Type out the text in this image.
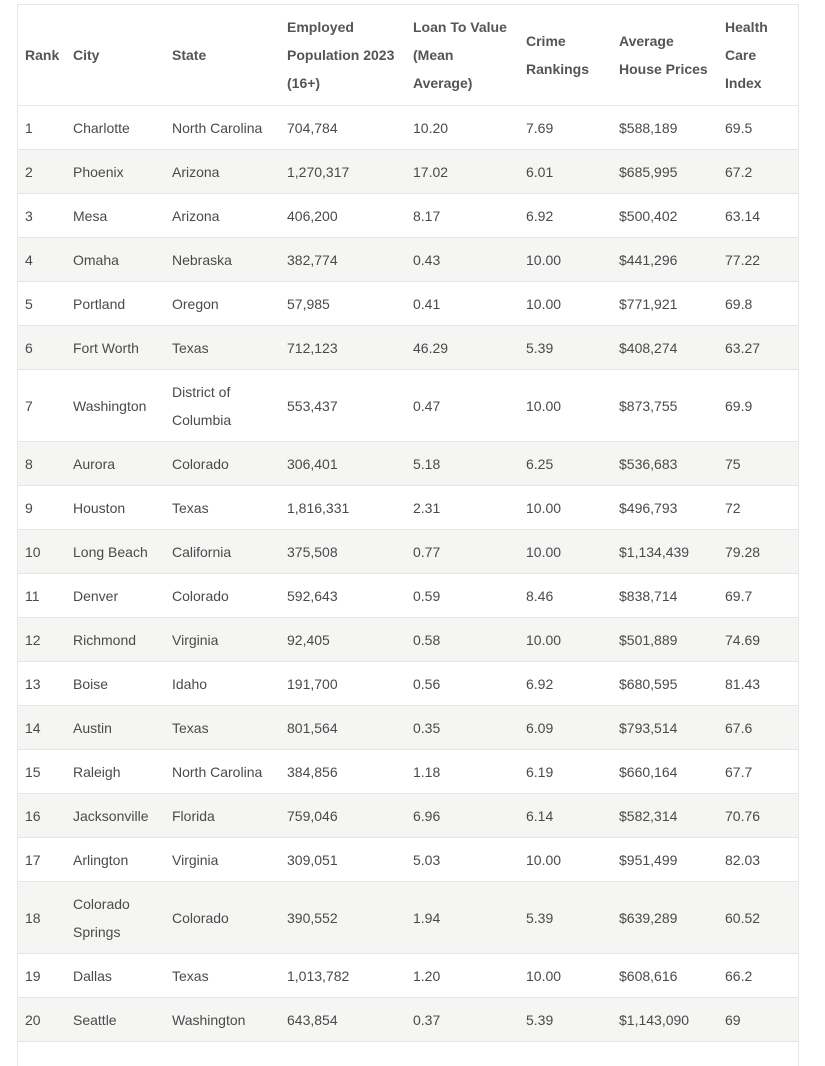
Rank	City	State	Employed Population 2023 (16+)	Loan To Value (Mean Average)	Crime Rankings	Average House Prices	Health Care Index
1	Charlotte	North Carolina	704,784	10.20	7.69	$588,189	69.5
2	Phoenix	Arizona	1,270,317	17.02	6.01	$685,995	67.2
3	Mesa	Arizona	406,200	8.17	6.92	$500,402	63.14
4	Omaha	Nebraska	382,774	0.43	10.00	$441,296	77.22
5	Portland	Oregon	57,985	0.41	10.00	$771,921	69.8
6	Fort Worth	Texas	712,123	46.29	5.39	$408,274	63.27
7	Washington	District of Columbia	553,437	0.47	10.00	$873,755	69.9
8	Aurora	Colorado	306,401	5.18	6.25	$536,683	75
9	Houston	Texas	1,816,331	2.31	10.00	$496,793	72
10	Long Beach	California	375,508	0.77	10.00	$1,134,439	79.28
11	Denver	Colorado	592,643	0.59	8.46	$838,714	69.7
12	Richmond	Virginia	92,405	0.58	10.00	$501,889	74.69
13	Boise	Idaho	191,700	0.56	6.92	$680,595	81.43
14	Austin	Texas	801,564	0.35	6.09	$793,514	67.6
15	Raleigh	North Carolina	384,856	1.18	6.19	$660,164	67.7
16	Jacksonville	Florida	759,046	6.96	6.14	$582,314	70.76
17	Arlington	Virginia	309,051	5.03	10.00	$951,499	82.03
18	Colorado Springs	Colorado	390,552	1.94	5.39	$639,289	60.52
19	Dallas	Texas	1,013,782	1.20	10.00	$608,616	66.2
20	Seattle	Washington	643,854	0.37	5.39	$1,143,090	69
